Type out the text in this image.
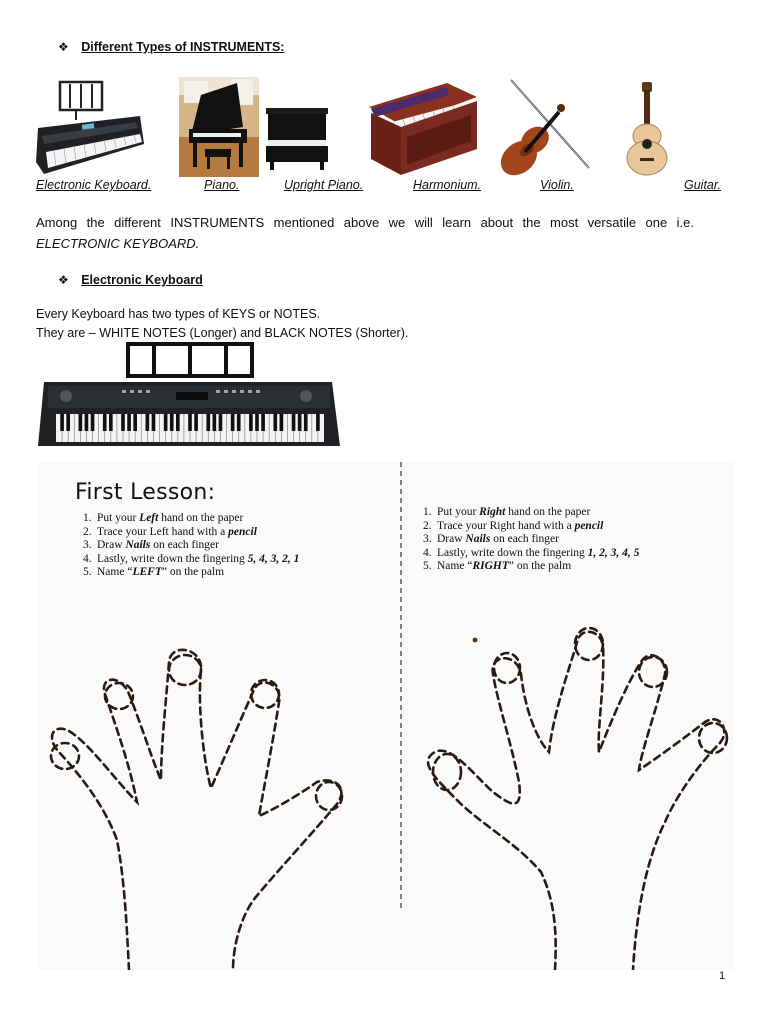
❖ Different Types of INSTRUMENTS:
Electronic Keyboard.	Piano.	Upright Piano.	Harmonium.	Violin.	Guitar.
Among the different INSTRUMENTS mentioned above we will learn about the most versatile one i.e.
ELECTRONIC KEYBOARD.
❖ Electronic Keyboard
Every Keyboard has two types of KEYS or NOTES.
They are – WHITE NOTES (Longer) and BLACK NOTES (Shorter).
First Lesson:
1. Put your Left hand on the paper
2. Trace your Left hand with a pencil
3. Draw Nails on each finger
4. Lastly, write down the fingering 5, 4, 3, 2, 1
5. Name “LEFT” on the palm
1. Put your Right hand on the paper
2. Trace your Right hand with a pencil
3. Draw Nails on each finger
4. Lastly, write down the fingering 1, 2, 3, 4, 5
5. Name “RIGHT” on the palm
1
